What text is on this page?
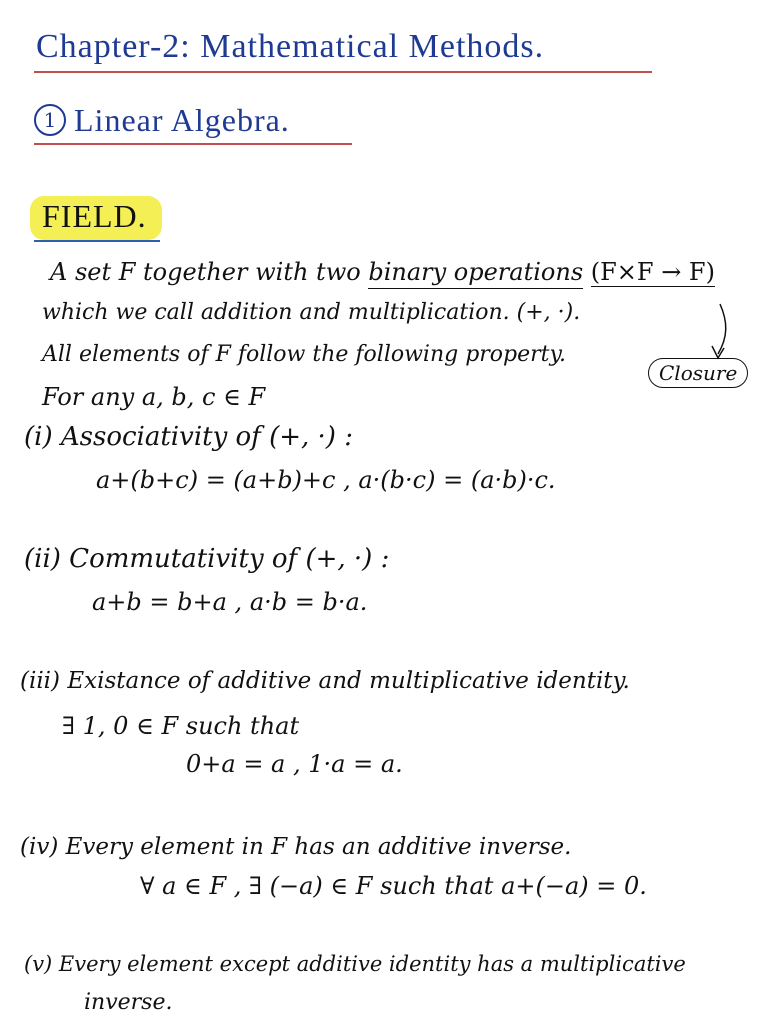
Chapter-2: Mathematical Methods.
1 Linear Algebra.
FIELD.
A set F together with two binary operations (F×F → F)
which we call addition and multiplication. (+, ·).
All elements of F follow the following property.
Closure
For any a, b, c ∈ F
(i) Associativity of (+, ·) :
a+(b+c) = (a+b)+c , a·(b·c) = (a·b)·c.
(ii) Commutativity of (+, ·) :
a+b = b+a , a·b = b·a.
(iii) Existance of additive and multiplicative identity.
∃ 1, 0 ∈ F such that
0+a = a , 1·a = a.
(iv) Every element in F has an additive inverse.
∀ a ∈ F , ∃ (−a) ∈ F such that a+(−a) = 0.
(v) Every element except additive identity has a multiplicative
inverse.
